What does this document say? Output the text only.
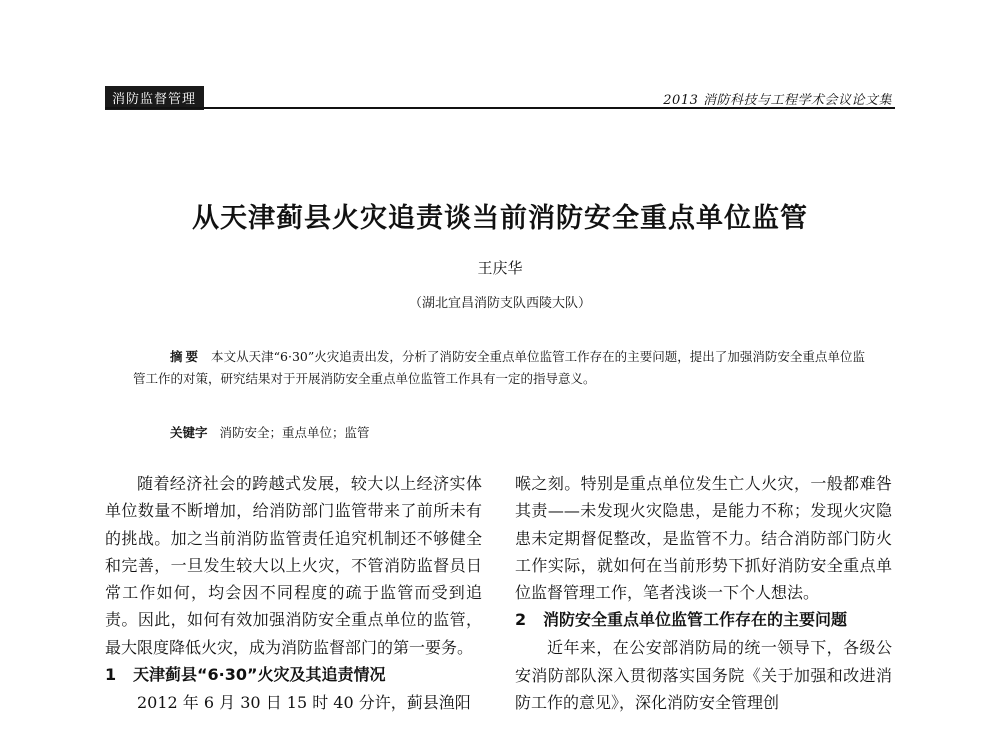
消防监督管理	2013 消防科技与工程学术会议论文集
从天津蓟县火灾追责谈当前消防安全重点单位监管
王庆华
（湖北宜昌消防支队西陵大队）
摘要 本文从天津“6·30”火灾追责出发，分析了消防安全重点单位监管工作存在的主要问题，提出了加强消防安全重点单位监管工作的对策，研究结果对于开展消防安全重点单位监管工作具有一定的指导意义。
关键字 消防安全；重点单位；监管

随着经济社会的跨越式发展，较大以上经济实体单位数量不断增加，给消防部门监管带来了前所未有的挑战。加之当前消防监管责任追究机制还不够健全和完善，一旦发生较大以上火灾，不管消防监督员日常工作如何，均会因不同程度的疏于监管而受到追责。因此，如何有效加强消防安全重点单位的监管，最大限度降低火灾，成为消防监督部门的第一要务。

1 天津蓟县“6·30”火灾及其追责情况

2012 年 6 月 30 日 15 时 40 分许，蓟县渔阳

喉之刻。特别是重点单位发生亡人火灾，一般都难咎其责——未发现火灾隐患，是能力不称；发现火灾隐患未定期督促整改，是监管不力。结合消防部门防火工作实际，就如何在当前形势下抓好消防安全重点单位监督管理工作，笔者浅谈一下个人想法。

2 消防安全重点单位监管工作存在的主要问题

近年来，在公安部消防局的统一领导下，各级公安消防部队深入贯彻落实国务院《关于加强和改进消防工作的意见》，深化消防安全管理创
